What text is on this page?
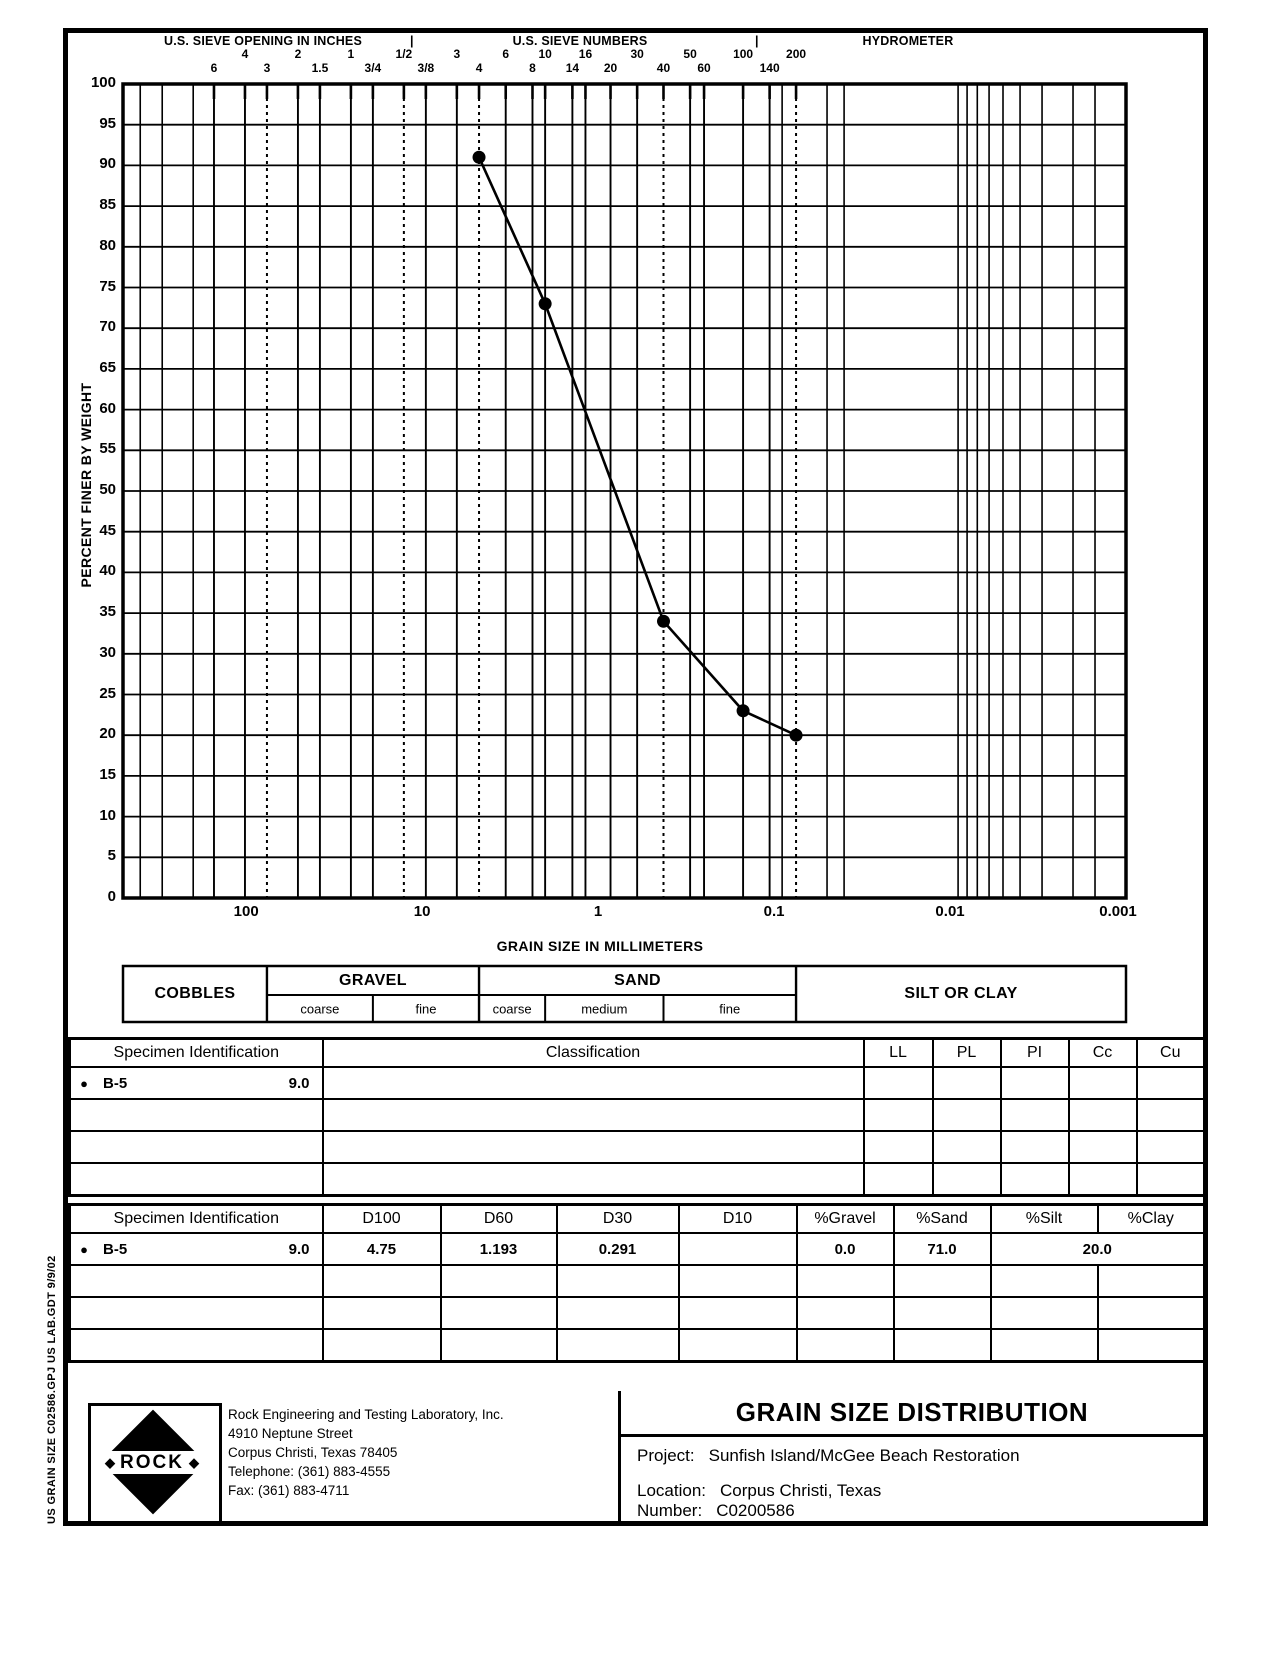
U.S. SIEVE OPENING IN INCHES	|	U.S. SIEVE NUMBERS	|	HYDROMETER
PERCENT FINER BY WEIGHT
GRAIN SIZE IN MILLIMETERS
Specimen Identification	Classification	LL	PL	PI	Cc	Cu

● B-5 9.0						

Specimen Identification	D100	D60	D30	D10	%Gravel	%Sand	%Silt	%Clay

● B-5 9.0	4.75	1.193	0.291		0.0	71.0	20.0	

◆ ROCK ◆
Rock Engineering and Testing Laboratory, Inc.
4910 Neptune Street
Corpus Christi, Texas 78405
Telephone: (361) 883-4555
Fax: (361) 883-4711
GRAIN SIZE DISTRIBUTION
Project: Sunfish Island/McGee Beach Restoration
Location: Corpus Christi, Texas
Number: C0200586
US GRAIN SIZE C02586.GPJ US LAB.GDT 9/9/02
6
4
3
2
1.5
1
3/4
1/2
3/8
3
4
6
8
10
14
16
20
30
40
50
60
100
140
200
100
95
90
85
80
75
70
65
60
55
50
45
40
35
30
25
20
15
10
5
0
100	10	1	0.1	0.01	0.001
COBBLES
GRAVEL
coarse	fine
SAND
coarse	medium	fine
SILT OR CLAY
